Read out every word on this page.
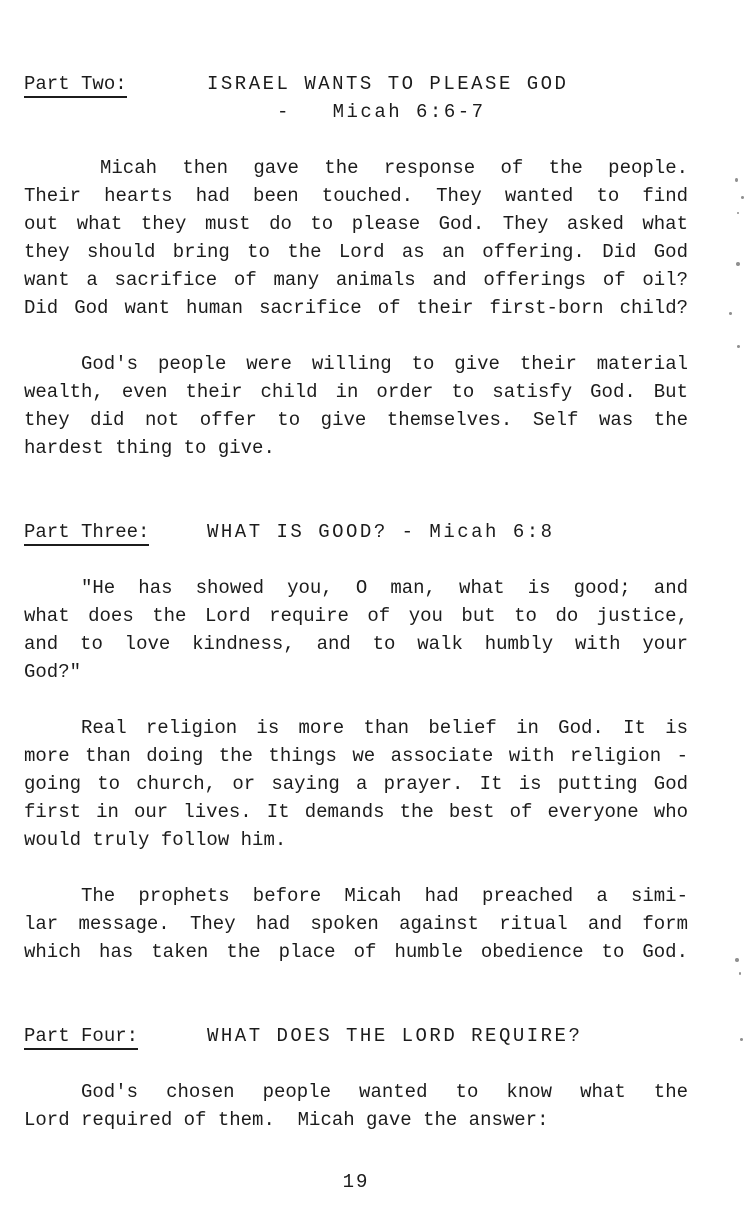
Part Two:	ISRAEL WANTS TO PLEASE GOD
-   Micah 6:6-7
Micah then gave the response of the people.
Their hearts had been touched. They wanted to find
out what they must do to please God. They asked what
they should bring to the Lord as an offering. Did God
want a sacrifice of many animals and offerings of oil?
Did God want human sacrifice of their first-born child?
God's people were willing to give their material
wealth, even their child in order to satisfy God. But
they did not offer to give themselves. Self was the
hardest thing to give.
Part Three:	WHAT IS GOOD? - Micah 6:8
"He has showed you, O man, what is good; and
what does the Lord require of you but to do justice,
and to love kindness, and to walk humbly with your
God?"
Real religion is more than belief in God. It is
more than doing the things we associate with religion -
going to church, or saying a prayer. It is putting God
first in our lives. It demands the best of everyone who
would truly follow him.
The prophets before Micah had preached a simi-
lar message. They had spoken against ritual and form
which has taken the place of humble obedience to God.
Part Four:	WHAT DOES THE LORD REQUIRE?
God's chosen people wanted to know what the
Lord required of them.  Micah gave the answer:
19
